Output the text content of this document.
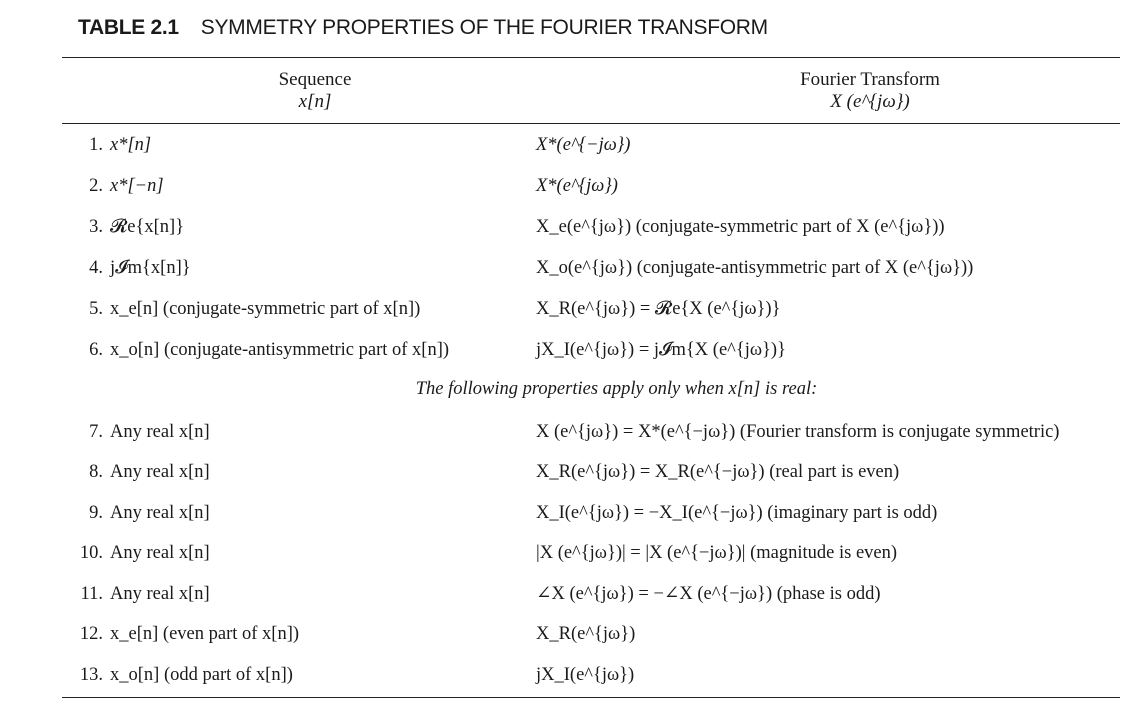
TABLE 2.1 SYMMETRY PROPERTIES OF THE FOURIER TRANSFORM
Sequence
x[n]
Fourier Transform
X (e^{jω})
1. x*[n]	X*(e^{−jω})
2. x*[−n]	X*(e^{jω})
3. 𝓡e{x[n]}	X_e(e^{jω}) (conjugate-symmetric part of X (e^{jω}))
4. j𝓘m{x[n]}	X_o(e^{jω}) (conjugate-antisymmetric part of X (e^{jω}))
5. x_e[n] (conjugate-symmetric part of x[n])	X_R(e^{jω}) = 𝓡e{X (e^{jω})}
6. x_o[n] (conjugate-antisymmetric part of x[n])	jX_I(e^{jω}) = j𝓘m{X (e^{jω})}
The following properties apply only when x[n] is real:
7. Any real x[n]	X (e^{jω}) = X*(e^{−jω}) (Fourier transform is conjugate symmetric)
8. Any real x[n]	X_R(e^{jω}) = X_R(e^{−jω}) (real part is even)
9. Any real x[n]	X_I(e^{jω}) = −X_I(e^{−jω}) (imaginary part is odd)
10. Any real x[n]	|X (e^{jω})| = |X (e^{−jω})| (magnitude is even)
11. Any real x[n]	∠X (e^{jω}) = −∠X (e^{−jω}) (phase is odd)
12. x_e[n] (even part of x[n])	X_R(e^{jω})
13. x_o[n] (odd part of x[n])	jX_I(e^{jω})
